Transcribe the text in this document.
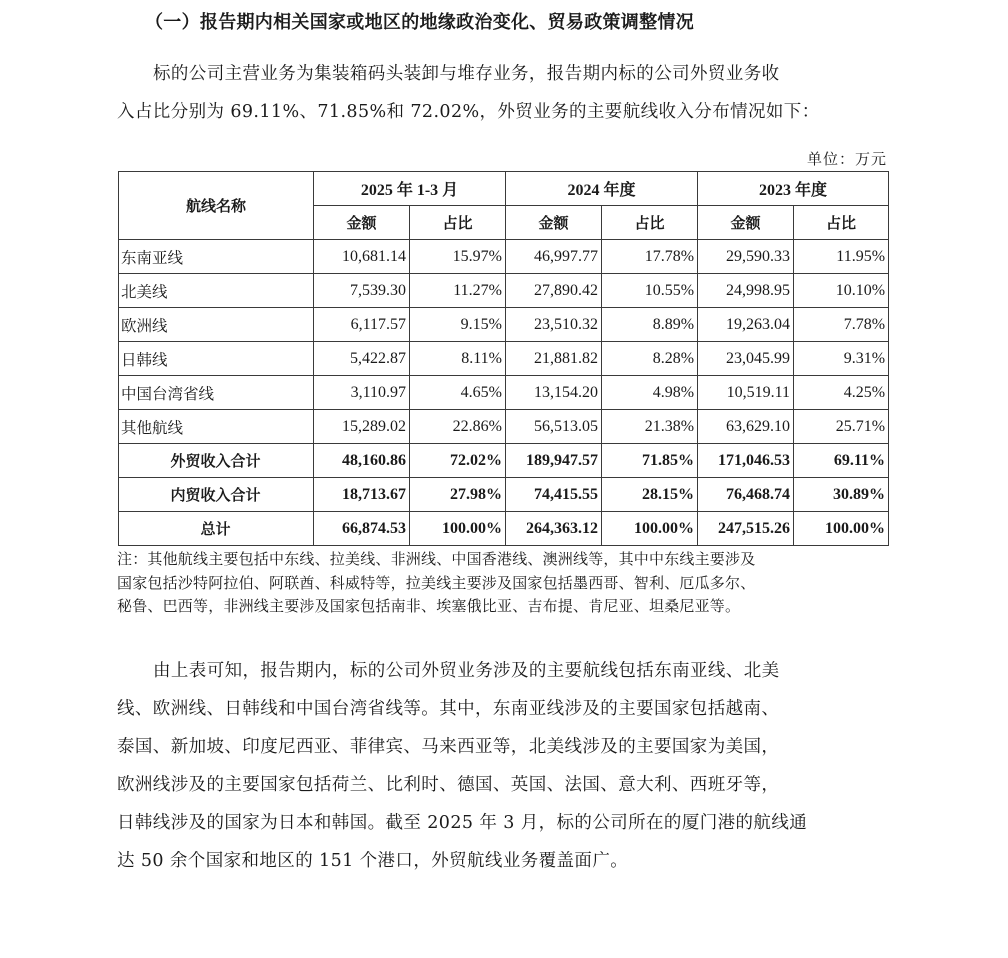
（一）报告期内相关国家或地区的地缘政治变化、贸易政策调整情况
标的公司主营业务为集装箱码头装卸与堆存业务，报告期内标的公司外贸业务收
入占比分别为 69.11%、71.85%和 72.02%，外贸业务的主要航线收入分布情况如下：
单位：万元
航线名称	2025 年 1-3 月		2024 年度		2023 年度	
	金额	占比	金额	占比	金额	占比
东南亚线	10,681.14	15.97%	46,997.77	17.78%	29,590.33	11.95%
北美线	7,539.30	11.27%	27,890.42	10.55%	24,998.95	10.10%
欧洲线	6,117.57	9.15%	23,510.32	8.89%	19,263.04	7.78%
日韩线	5,422.87	8.11%	21,881.82	8.28%	23,045.99	9.31%
中国台湾省线	3,110.97	4.65%	13,154.20	4.98%	10,519.11	4.25%
其他航线	15,289.02	22.86%	56,513.05	21.38%	63,629.10	25.71%
外贸收入合计	48,160.86	72.02%	189,947.57	71.85%	171,046.53	69.11%
内贸收入合计	18,713.67	27.98%	74,415.55	28.15%	76,468.74	30.89%
总计	66,874.53	100.00%	264,363.12	100.00%	247,515.26	100.00%
注：其他航线主要包括中东线、拉美线、非洲线、中国香港线、澳洲线等，其中中东线主要涉及
国家包括沙特阿拉伯、阿联酋、科威特等，拉美线主要涉及国家包括墨西哥、智利、厄瓜多尔、
秘鲁、巴西等，非洲线主要涉及国家包括南非、埃塞俄比亚、吉布提、肯尼亚、坦桑尼亚等。
由上表可知，报告期内，标的公司外贸业务涉及的主要航线包括东南亚线、北美
线、欧洲线、日韩线和中国台湾省线等。其中，东南亚线涉及的主要国家包括越南、
泰国、新加坡、印度尼西亚、菲律宾、马来西亚等，北美线涉及的主要国家为美国，
欧洲线涉及的主要国家包括荷兰、比利时、德国、英国、法国、意大利、西班牙等，
日韩线涉及的国家为日本和韩国。截至 2025 年 3 月，标的公司所在的厦门港的航线通
达 50 余个国家和地区的 151 个港口，外贸航线业务覆盖面广。
